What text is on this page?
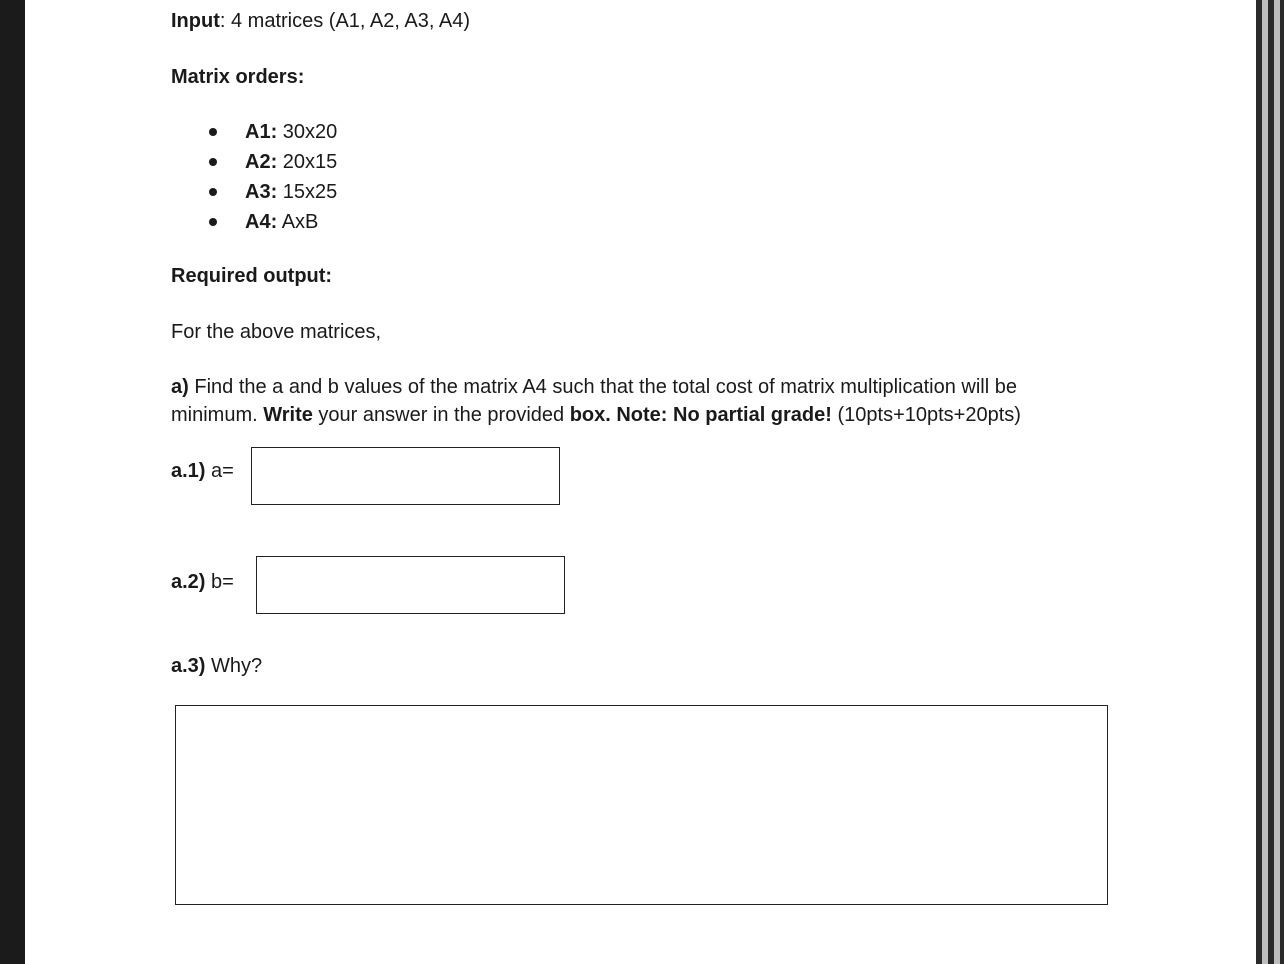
Input: 4 matrices (A1, A2, A3, A4)
Matrix orders:
A1: 30x20
A2: 20x15
A3: 15x25
A4: AxB
Required output:
For the above matrices,
a) Find the a and b values of the matrix A4 such that the total cost of matrix multiplication will be
minimum. Write your answer in the provided box. Note: No partial grade! (10pts+10pts+20pts)
a.1) a=
a.2) b=
a.3) Why?
